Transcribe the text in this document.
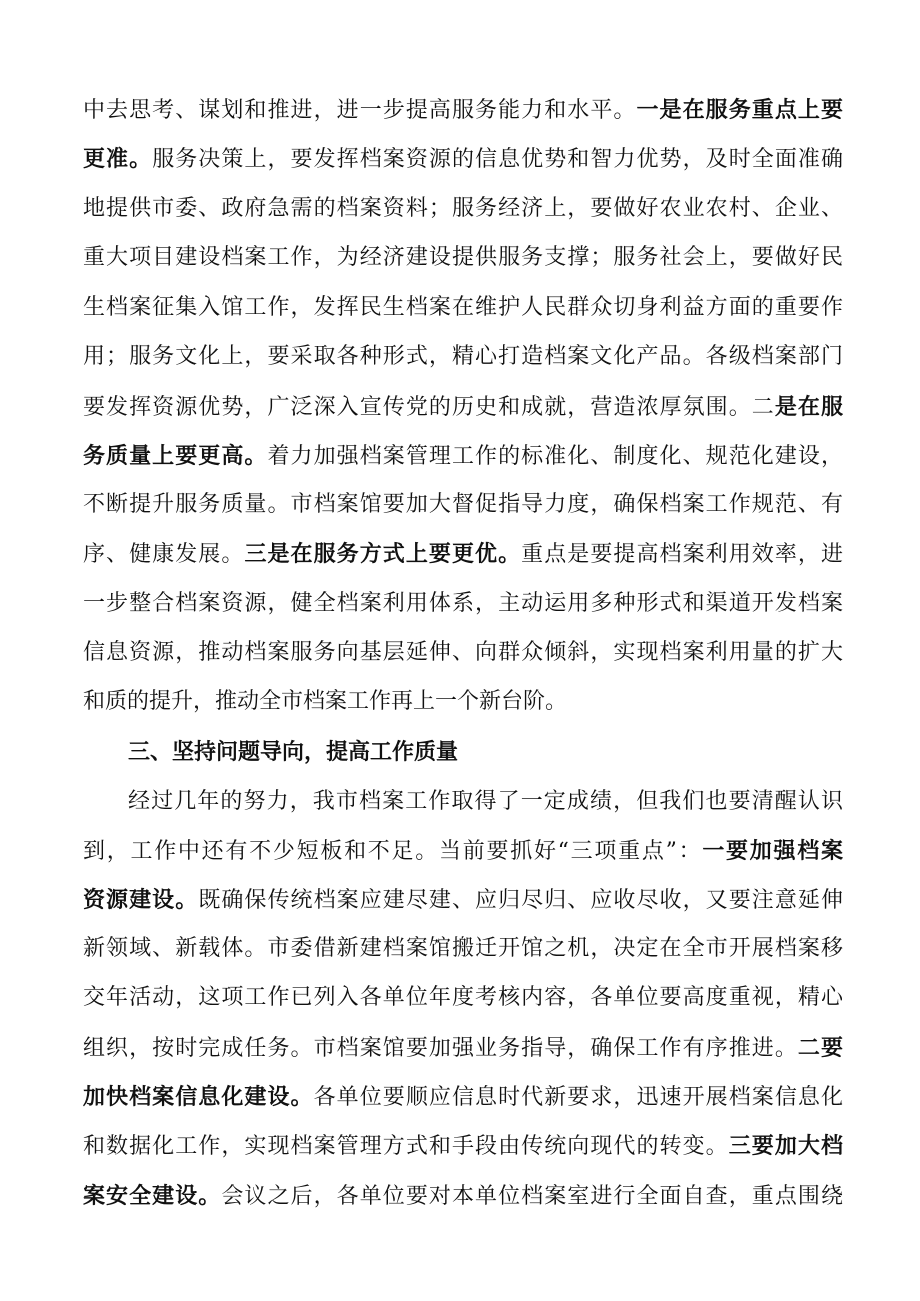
中去思考、谋划和推进，进一步提高服务能力和水平。一是在服务重点上要
更准。服务决策上，要发挥档案资源的信息优势和智力优势，及时全面准确
地提供市委、政府急需的档案资料；服务经济上，要做好农业农村、企业、
重大项目建设档案工作，为经济建设提供服务支撑；服务社会上，要做好民
生档案征集入馆工作，发挥民生档案在维护人民群众切身利益方面的重要作
用；服务文化上，要采取各种形式，精心打造档案文化产品。各级档案部门
要发挥资源优势，广泛深入宣传党的历史和成就，营造浓厚氛围。二是在服
务质量上要更高。着力加强档案管理工作的标准化、制度化、规范化建设，
不断提升服务质量。市档案馆要加大督促指导力度，确保档案工作规范、有
序、健康发展。三是在服务方式上要更优。重点是要提高档案利用效率，进
一步整合档案资源，健全档案利用体系，主动运用多种形式和渠道开发档案
信息资源，推动档案服务向基层延伸、向群众倾斜，实现档案利用量的扩大
和质的提升，推动全市档案工作再上一个新台阶。
三、坚持问题导向，提高工作质量
经过几年的努力，我市档案工作取得了一定成绩，但我们也要清醒认识
到，工作中还有不少短板和不足。当前要抓好“三项重点”：一要加强档案
资源建设。既确保传统档案应建尽建、应归尽归、应收尽收，又要注意延伸
新领域、新载体。市委借新建档案馆搬迁开馆之机，决定在全市开展档案移
交年活动，这项工作已列入各单位年度考核内容，各单位要高度重视，精心
组织，按时完成任务。市档案馆要加强业务指导，确保工作有序推进。二要
加快档案信息化建设。各单位要顺应信息时代新要求，迅速开展档案信息化
和数据化工作，实现档案管理方式和手段由传统向现代的转变。三要加大档
案安全建设。会议之后，各单位要对本单位档案室进行全面自查，重点围绕
